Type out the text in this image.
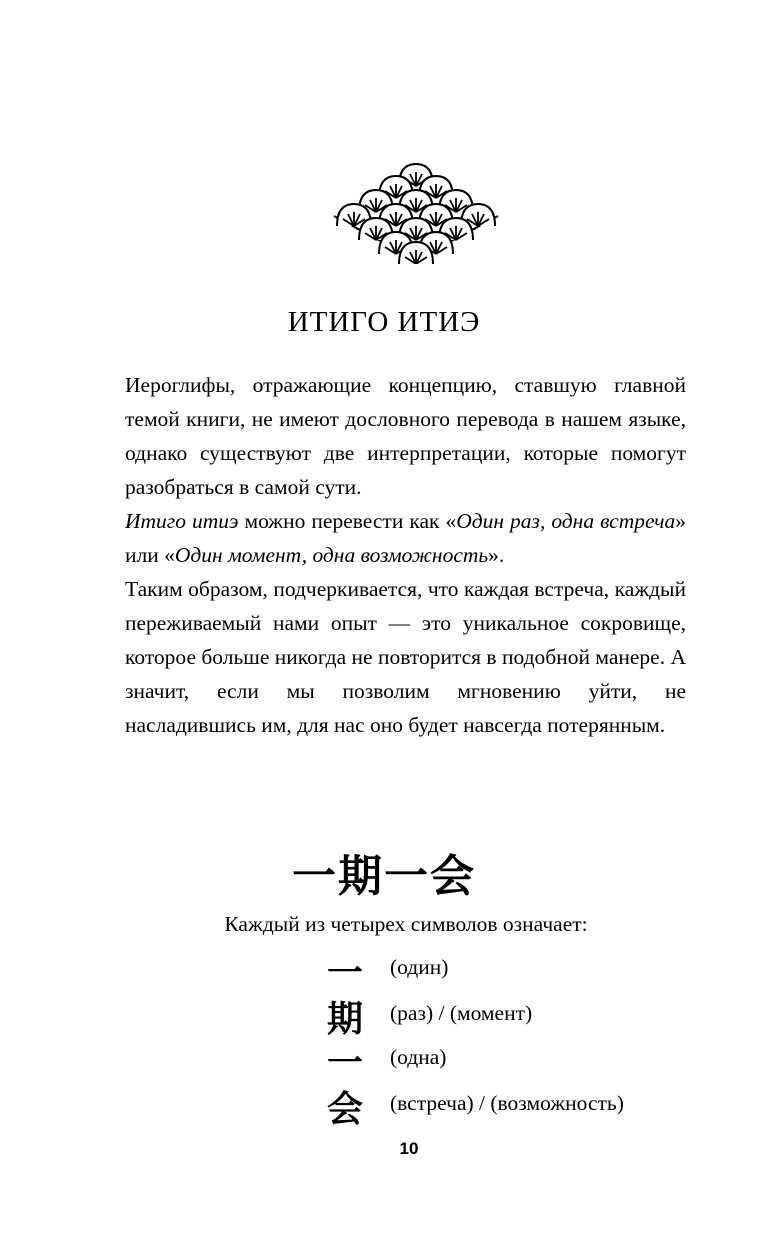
ИТИГО ИТИЭ

Иероглифы, отражающие концепцию, ставшую главной темой книги, не имеют дословного перевода в нашем языке, однако существуют две интерпретации, которые помогут разобраться в самой сути.

Итиго итиэ можно перевести как «Один раз, одна встреча» или «Один момент, одна возможность».

Таким образом, подчеркивается, что каждая встреча, каждый переживаемый нами опыт — это уникальное сокровище, которое больше никогда не повторится в подобной манере. А значит, если мы позволим мгновению уйти, не насладившись им, для нас оно будет навсегда потерянным.

一期一会
Каждый из четырех символов означает:
一 (один)
期 (раз) / (момент)
一 (одна)
会 (встреча) / (возможность)
10
